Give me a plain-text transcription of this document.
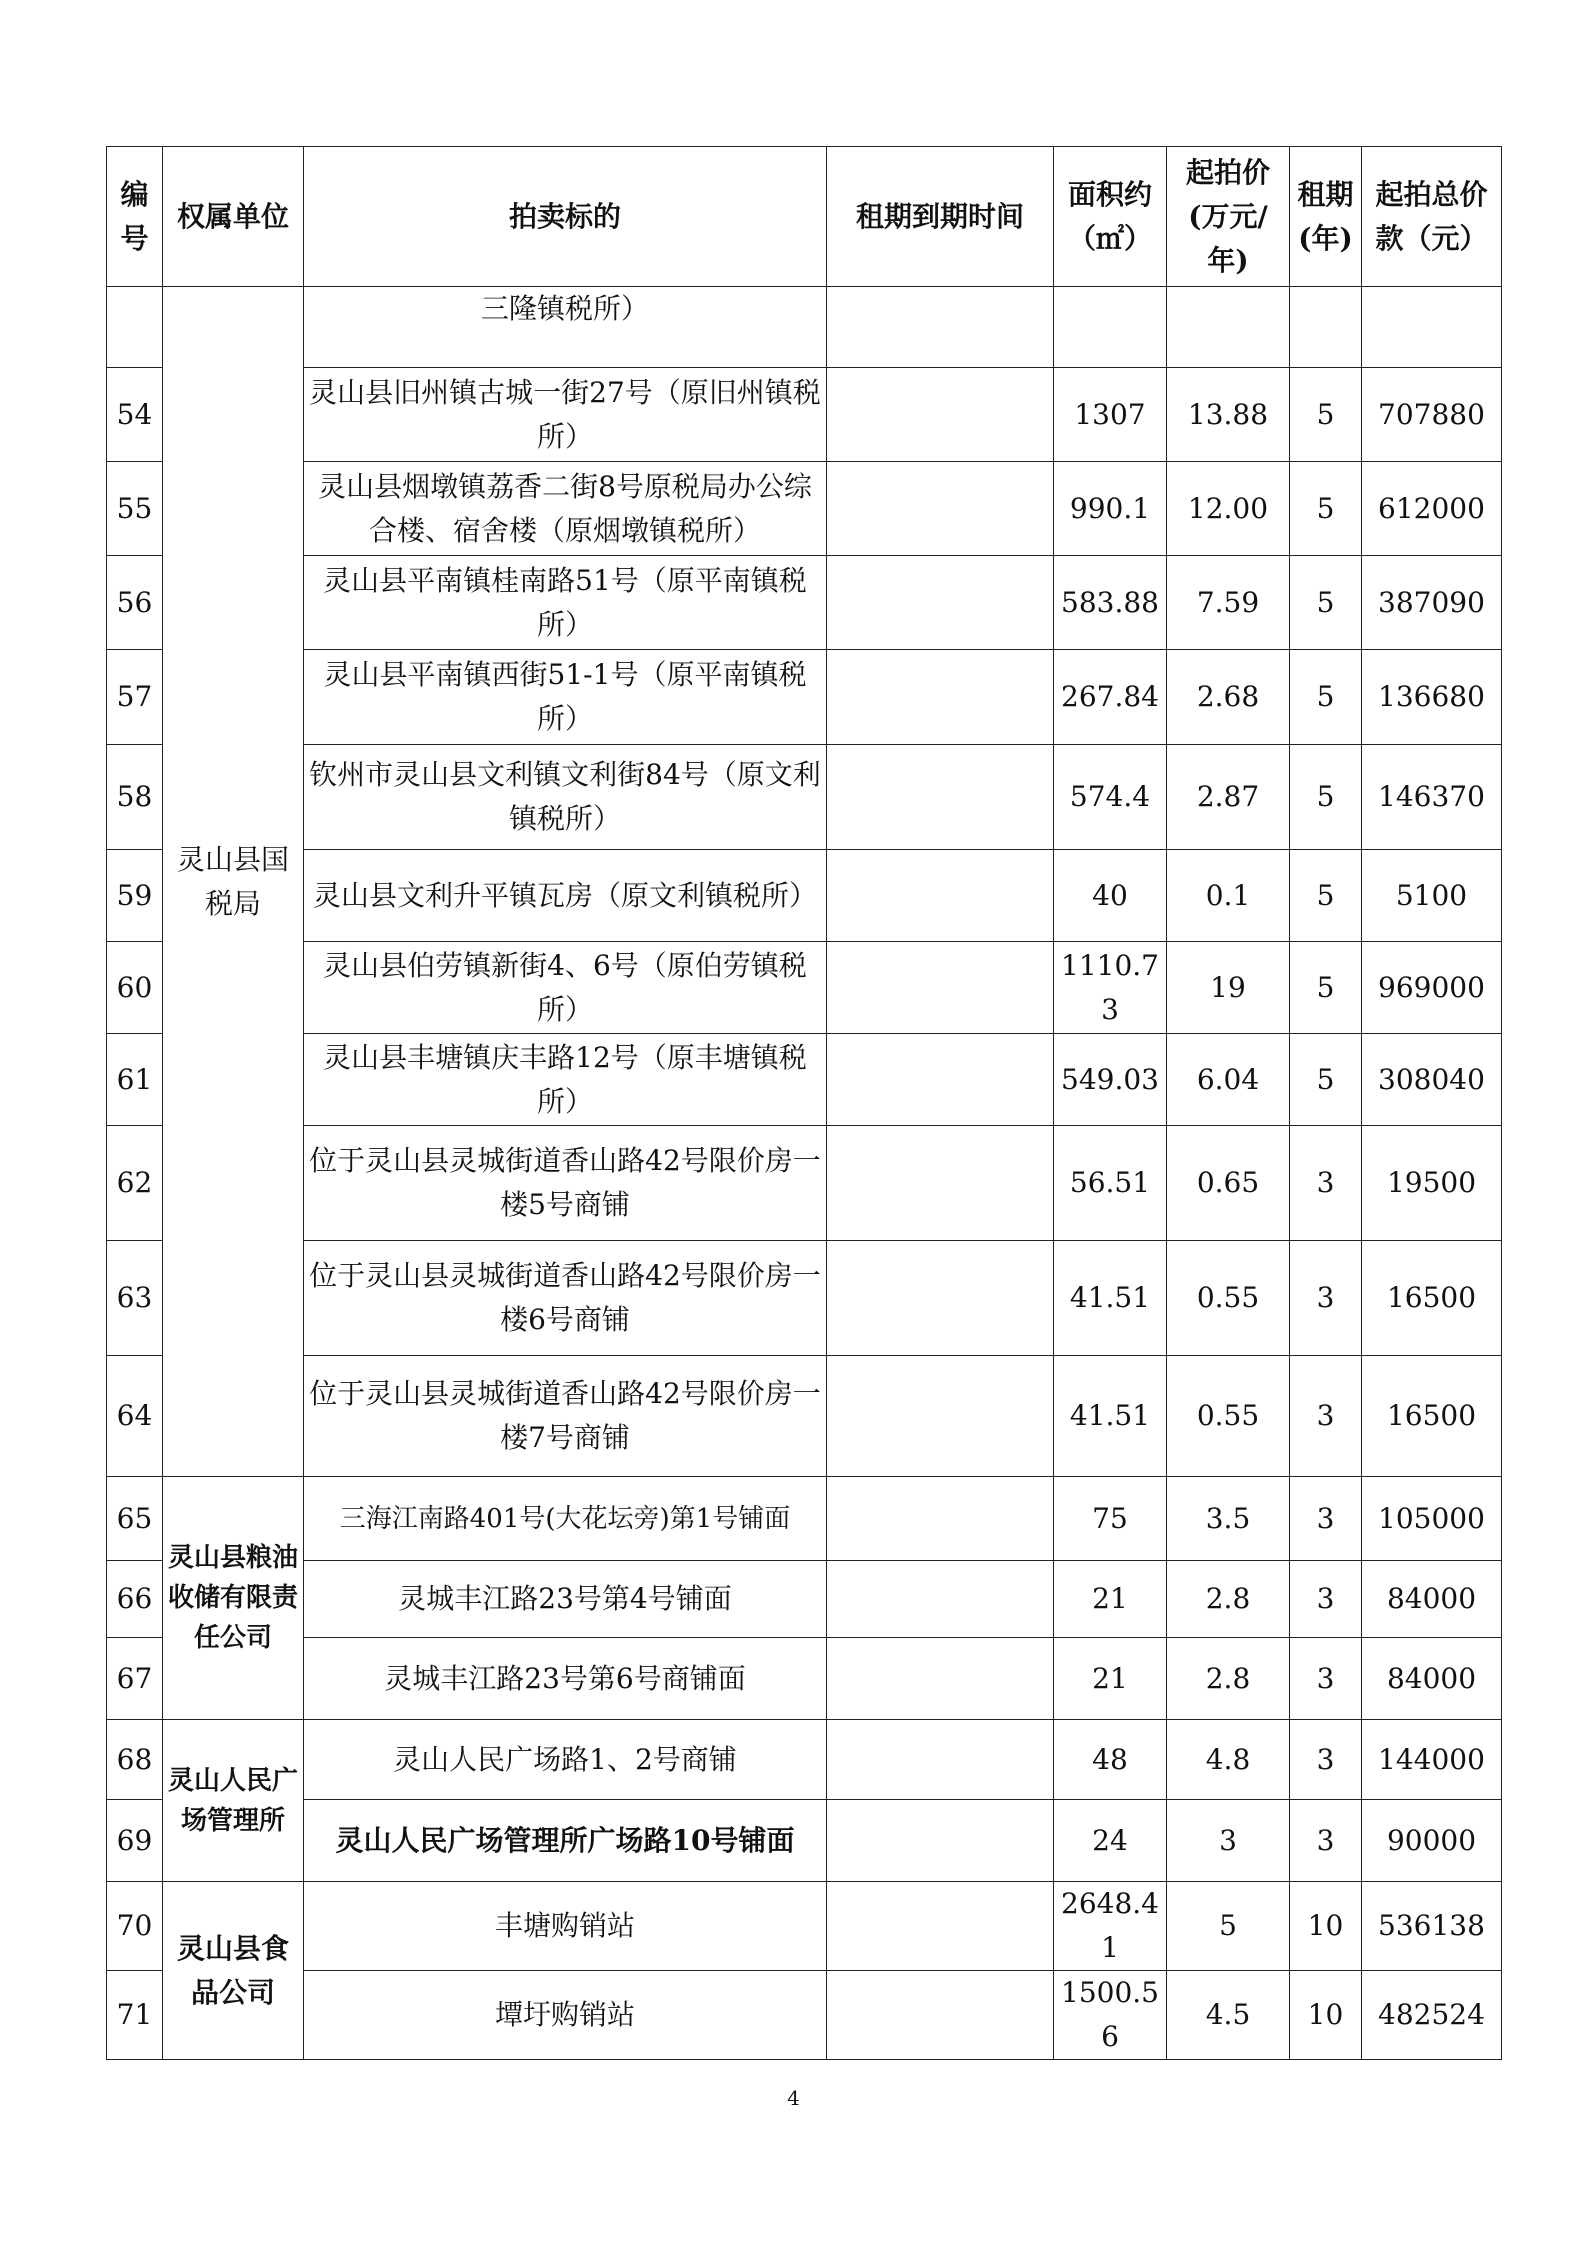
编号	权属单位	拍卖标的	租期到期时间	面积约（㎡）	起拍价(万元/年)	租期(年)	起拍总价款（元）
	灵山县国税局	三隆镇税所）					
54		灵山县旧州镇古城一街27号（原旧州镇税所）		1307	13.88	5	707880
55		灵山县烟墩镇荔香二街8号原税局办公综合楼、宿舍楼（原烟墩镇税所）		990.1	12.00	5	612000
56		灵山县平南镇桂南路51号（原平南镇税所）		583.88	7.59	5	387090
57		灵山县平南镇西街51-1号（原平南镇税所）		267.84	2.68	5	136680
58		钦州市灵山县文利镇文利街84号（原文利镇税所）		574.4	2.87	5	146370
59		灵山县文利升平镇瓦房（原文利镇税所）		40	0.1	5	5100
60		灵山县伯劳镇新街4、6号（原伯劳镇税所）		1110.73	19	5	969000
61		灵山县丰塘镇庆丰路12号（原丰塘镇税所）		549.03	6.04	5	308040
62		位于灵山县灵城街道香山路42号限价房一楼5号商铺		56.51	0.65	3	19500
63		位于灵山县灵城街道香山路42号限价房一楼6号商铺		41.51	0.55	3	16500
64		位于灵山县灵城街道香山路42号限价房一楼7号商铺		41.51	0.55	3	16500
65	灵山县粮油收储有限责任公司	三海江南路401号(大花坛旁)第1号铺面		75	3.5	3	105000
66		灵城丰江路23号第4号铺面		21	2.8	3	84000
67		灵城丰江路23号第6号商铺面		21	2.8	3	84000
68	灵山人民广场管理所	灵山人民广场路1、2号商铺		48	4.8	3	144000
69		灵山人民广场管理所广场路10号铺面		24	3	3	90000
70	灵山县食品公司	丰塘购销站		2648.41	5	10	536138
71		墰圩购销站		1500.56	4.5	10	482524
4
